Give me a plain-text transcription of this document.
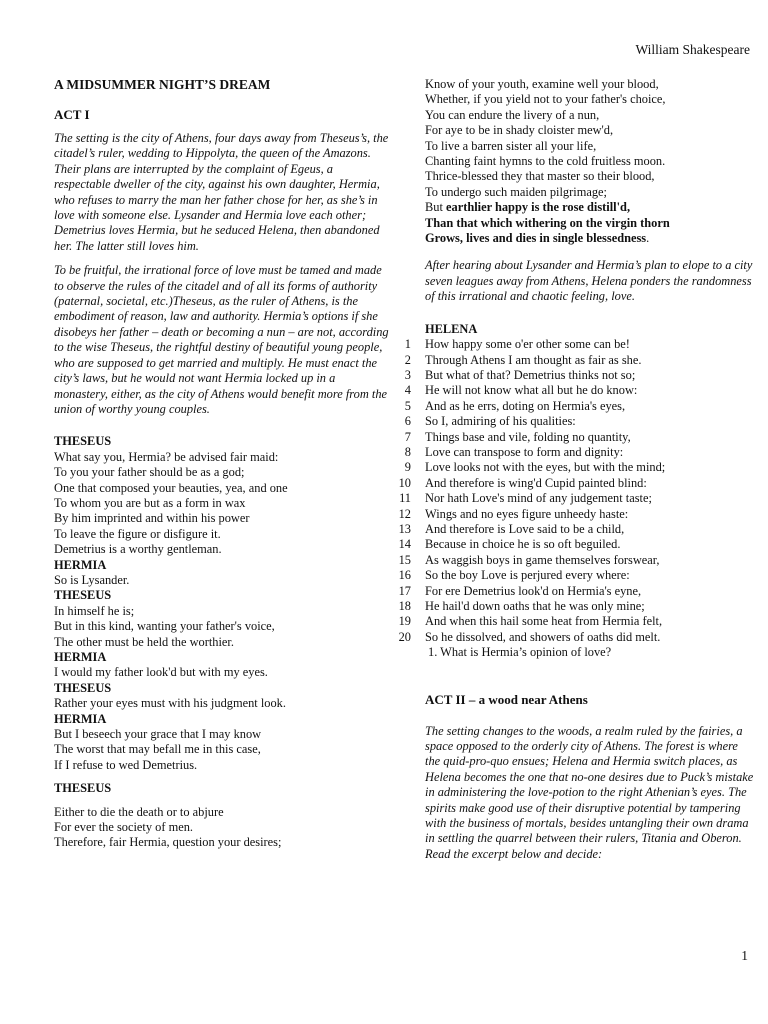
William Shakespeare
A MIDSUMMER NIGHT’S DREAM
ACT I

The setting is the city of Athens, four days away from Theseus’s, the citadel’s ruler, wedding to Hippolyta, the queen of the Amazons. Their plans are interrupted by the complaint of Egeus, a respectable dweller of the city, against his own daughter, Hermia, who refuses to marry the man her father chose for her, as she’s in love with someone else. Lysander and Hermia love each other; Demetrius loves Hermia, but he seduced Helena, then abandoned her. The latter still loves him.

To be fruitful, the irrational force of love must be tamed and made to observe the rules of the citadel and of all its forms of authority (paternal, societal, etc.)Theseus, as the ruler of Athens, is the embodiment of reason, law and authority. Hermia’s options if she disobeys her father – death or becoming a nun – are not, according to the wise Theseus, the rightful destiny of beautiful young people, who are supposed to get married and multiply. He must enact the city’s laws, but he would not want Hermia locked up in a monastery, either, as the city of Athens would benefit more from the union of worthy young couples.

THESEUS
What say you, Hermia? be advised fair maid:
To you your father should be as a god;
One that composed your beauties, yea, and one
To whom you are but as a form in wax
By him imprinted and within his power
To leave the figure or disfigure it.
Demetrius is a worthy gentleman.
HERMIA
So is Lysander.
THESEUS
In himself he is;
But in this kind, wanting your father's voice,
The other must be held the worthier.
HERMIA
I would my father look'd but with my eyes.
THESEUS
Rather your eyes must with his judgment look.
HERMIA
But I beseech your grace that I may know
The worst that may befall me in this case,
If I refuse to wed Demetrius.
THESEUS
Either to die the death or to abjure
For ever the society of men.
Therefore, fair Hermia, question your desires;
Know of your youth, examine well your blood,
Whether, if you yield not to your father's choice,
You can endure the livery of a nun,
For aye to be in shady cloister mew'd,
To live a barren sister all your life,
Chanting faint hymns to the cold fruitless moon.
Thrice-blessed they that master so their blood,
To undergo such maiden pilgrimage;
But earthlier happy is the rose distill'd,
Than that which withering on the virgin thorn
Grows, lives and dies in single blessedness.

After hearing about Lysander and Hermia’s plan to elope to a city seven leagues away from Athens, Helena ponders the randomness of this irrational and chaotic feeling, love.

HELENA
1 How happy some o'er other some can be!
2 Through Athens I am thought as fair as she.
3 But what of that? Demetrius thinks not so;
4 He will not know what all but he do know:
5 And as he errs, doting on Hermia's eyes,
6 So I, admiring of his qualities:
7 Things base and vile, folding no quantity,
8 Love can transpose to form and dignity:
9 Love looks not with the eyes, but with the mind;
10 And therefore is wing'd Cupid painted blind:
11 Nor hath Love's mind of any judgement taste;
12 Wings and no eyes figure unheedy haste:
13 And therefore is Love said to be a child,
14 Because in choice he is so oft beguiled.
15 As waggish boys in game themselves forswear,
16 So the boy Love is perjured every where:
17 For ere Demetrius look'd on Hermia's eyne,
18 He hail'd down oaths that he was only mine;
19 And when this hail some heat from Hermia felt,
20 So he dissolved, and showers of oaths did melt.
1. What is Hermia’s opinion of love?
ACT II – a wood near Athens

The setting changes to the woods, a realm ruled by the fairies, a space opposed to the orderly city of Athens. The forest is where the quid-pro-quo ensues; Helena and Hermia switch places, as Helena becomes the one that no-one desires due to Puck’s mistake in administering the love-potion to the right Athenian’s eyes. The spirits make good use of their disruptive potential by tampering with the business of mortals, besides untangling their own drama in settling the quarrel between their rulers, Titania and Oberon. Read the excerpt below and decide:

1
